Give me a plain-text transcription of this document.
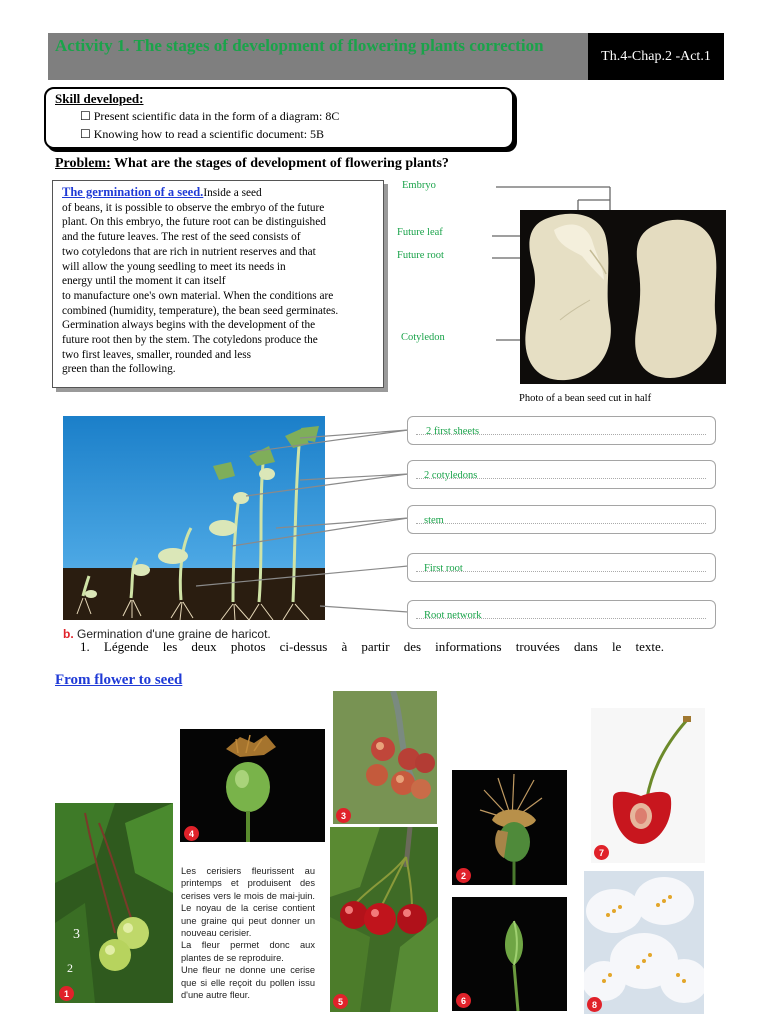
Activity 1. The stages of development of flowering plants correction
Th.4-Chap.2 -Act.1
Skill developed:
☐ Present scientific data in the form of a diagram: 8C
☐ Knowing how to read a scientific document: 5B
Problem: What are the stages of development of flowering plants?
The germination of a seed.Inside a seed
of beans, it is possible to observe the embryo of the future
plant. On this embryo, the future root can be distinguished
and the future leaves. The rest of the seed consists of
two cotyledons that are rich in nutrient reserves and that
will allow the young seedling to meet its needs in
energy until the moment it can itself
to manufacture one's own material. When the conditions are
combined (humidity, temperature), the bean seed germinates.
Germination always begins with the development of the
future root then by the stem. The cotyledons produce the
two first leaves, smaller, rounded and less
green than the following.
Embryo
Future leaf
Future root
Cotyledon
Photo of a bean seed cut in half
2 first sheets
2 cotyledons
stem
First root
Root network
b. Germination d'une graine de haricot.
1. Légende les deux photos ci-dessus à partir des informations trouvées dans le texte.
From flower to seed
3
2
1
4
3
Les cerisiers fleurissent au printemps et produisent des cerises vers le mois de mai-juin. Le noyau de la cerise contient une graine qui peut donner un nouveau cerisier.
La fleur permet donc aux plantes de se reproduire.
Une fleur ne donne une cerise que si elle reçoit du pollen issu d'une autre fleur.
5
2
6
7
8
